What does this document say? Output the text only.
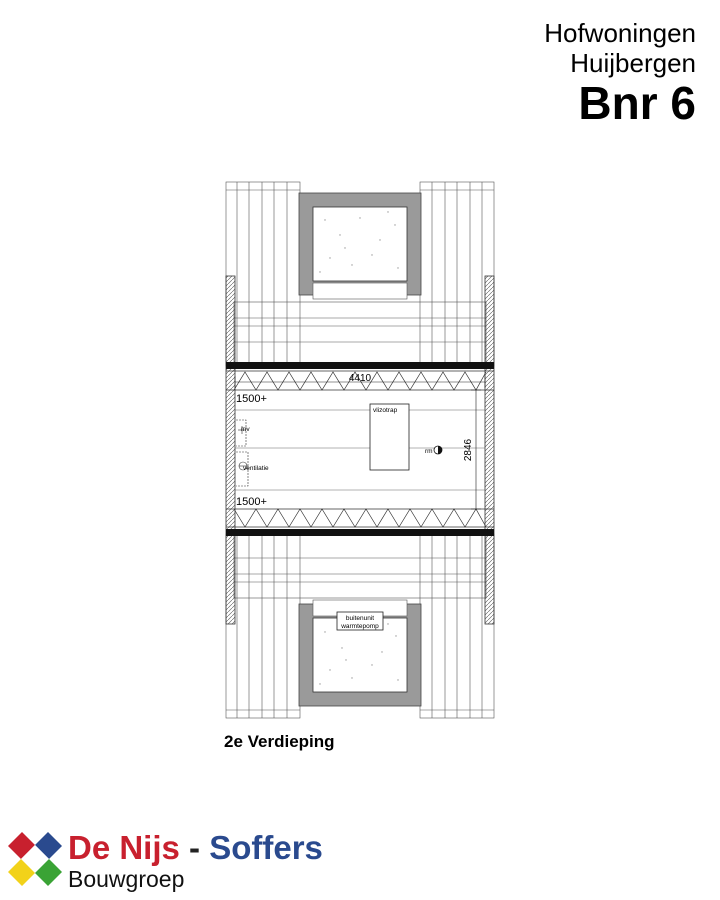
Hofwoningen
Huijbergen
Bnr 6
4410
2846
1500+
1500+
vlizotrap
mv
ventilatie
rm
buitenunit
warmtepomp
2e Verdieping
De Nijs - Soffers
Bouwgroep
